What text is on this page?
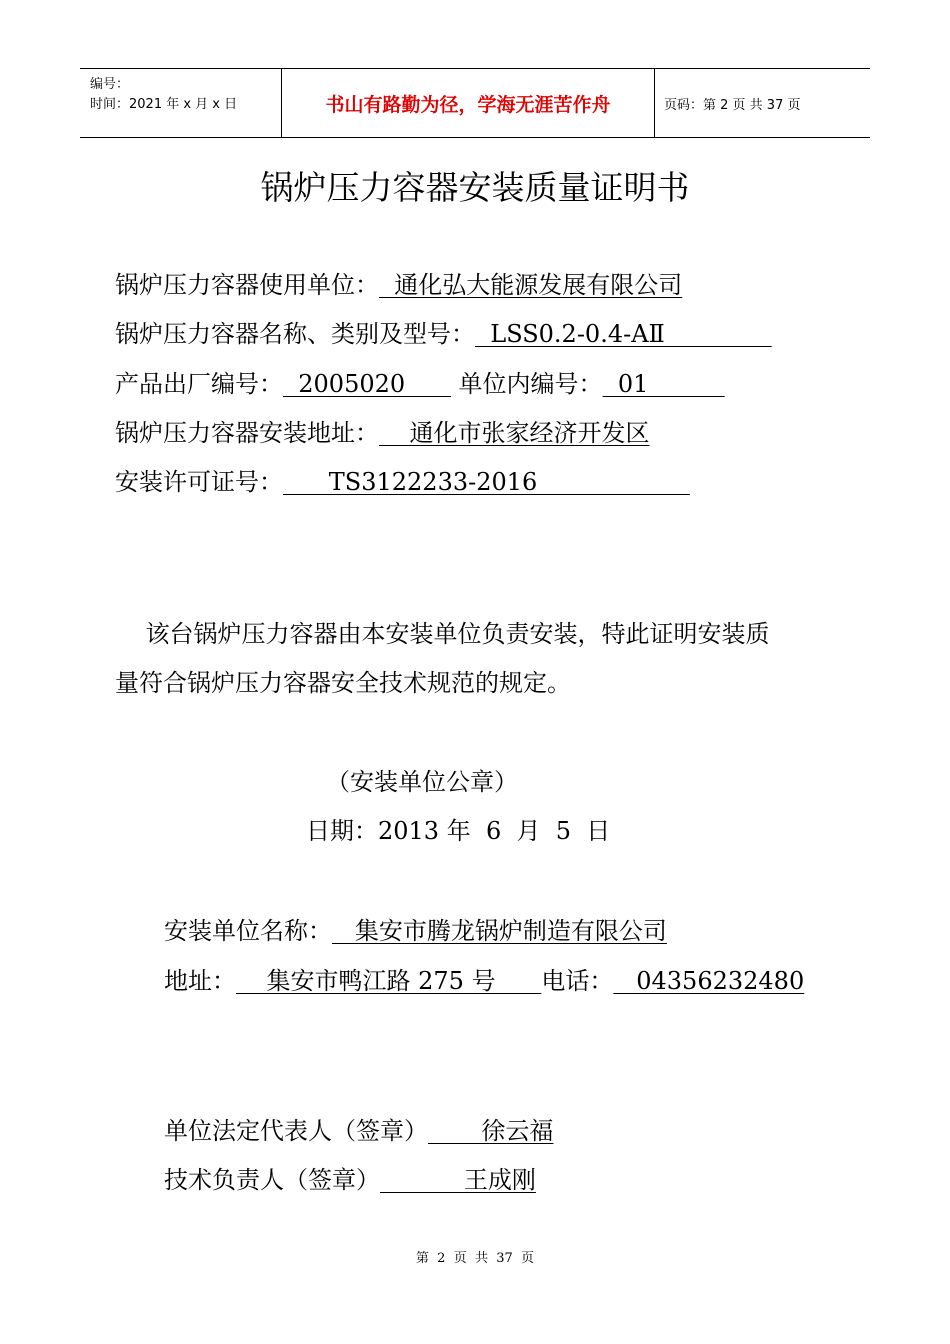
编号：
时间：2021 年 x 月 x 日	书山有路勤为径，学海无涯苦作舟	页码：第 2 页 共 37 页
锅炉压力容器安装质量证明书
锅炉压力容器使用单位：  通化弘大能源发展有限公司
锅炉压力容器名称、类别及型号：  LSS0.2-0.4-AⅡ
产品出厂编号：  2005020       单位内编号：  01
锅炉压力容器安装地址：    通化市张家经济开发区
安装许可证号：      TS3122233-2016
该台锅炉压力容器由本安装单位负责安装，特此证明安装质
量符合锅炉压力容器安全技术规范的规定。
（安装单位公章）
日期：2013 年  6  月  5  日
安装单位名称：   集安市腾龙锅炉制造有限公司
地址：    集安市鸭江路 275 号      电话：   04356232480
单位法定代表人（签章）       徐云福
技术负责人（签章）           王成刚
第  2  页  共  37  页
